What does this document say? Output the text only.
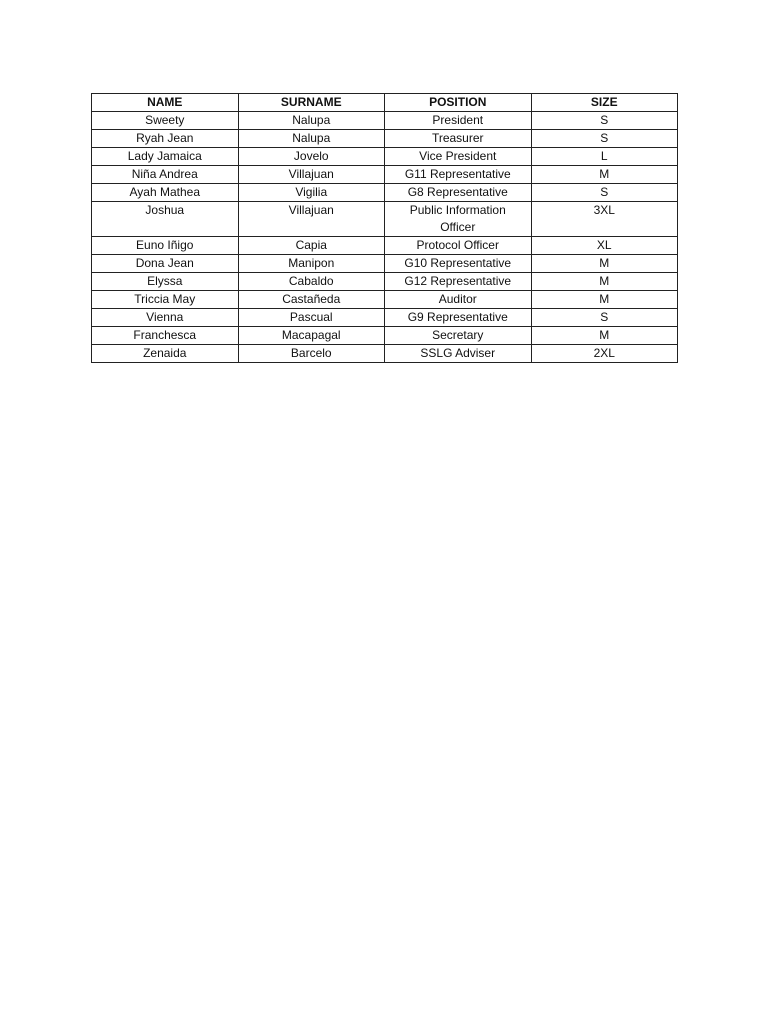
NAME	SURNAME	POSITION	SIZE
Sweety	Nalupa	President	S
Ryah Jean	Nalupa	Treasurer	S
Lady Jamaica	Jovelo	Vice President	L
Niña Andrea	Villajuan	G11 Representative	M
Ayah Mathea	Vigilia	G8 Representative	S
Joshua	Villajuan	Public Information Officer	3XL
Euno Iñigo	Capia	Protocol Officer	XL
Dona Jean	Manipon	G10 Representative	M
Elyssa	Cabaldo	G12 Representative	M
Triccia May	Castañeda	Auditor	M
Vienna	Pascual	G9 Representative	S
Franchesca	Macapagal	Secretary	M
Zenaida	Barcelo	SSLG Adviser	2XL
